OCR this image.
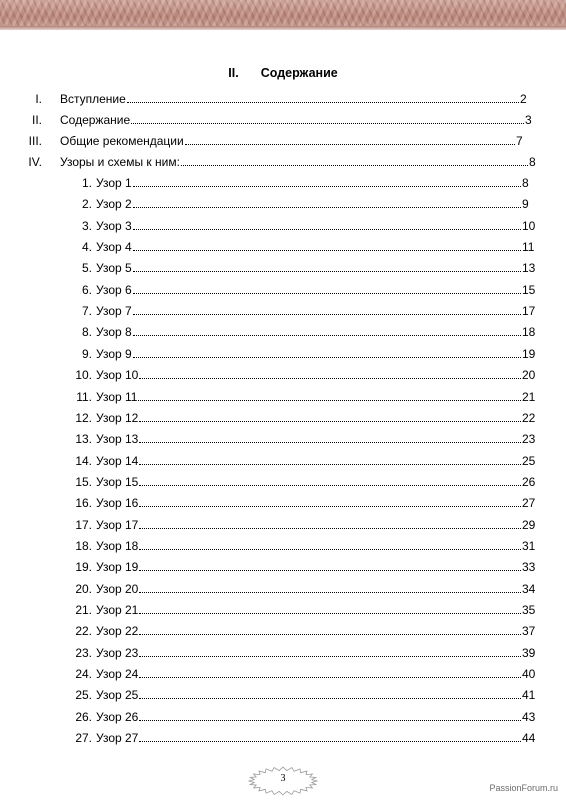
II. Содержание
I. Вступление	2
II. Содержание	3
III. Общие рекомендации	7
IV. Узоры и схемы к ним:	8
1. Узор 1	8
2. Узор 2	9
3. Узор 3	10
4. Узор 4	11
5. Узор 5	13
6. Узор 6	15
7. Узор 7	17
8. Узор 8	18
9. Узор 9	19
10. Узор 10	20
11. Узор 11	21
12. Узор 12	22
13. Узор 13	23
14. Узор 14	25
15. Узор 15	26
16. Узор 16	27
17. Узор 17	29
18. Узор 18	31
19. Узор 19	33
20. Узор 20	34
21. Узор 21	35
22. Узор 22	37
23. Узор 23	39
24. Узор 24	40
25. Узор 25	41
26. Узор 26	43
27. Узор 27	44
3
PassionForum.ru
